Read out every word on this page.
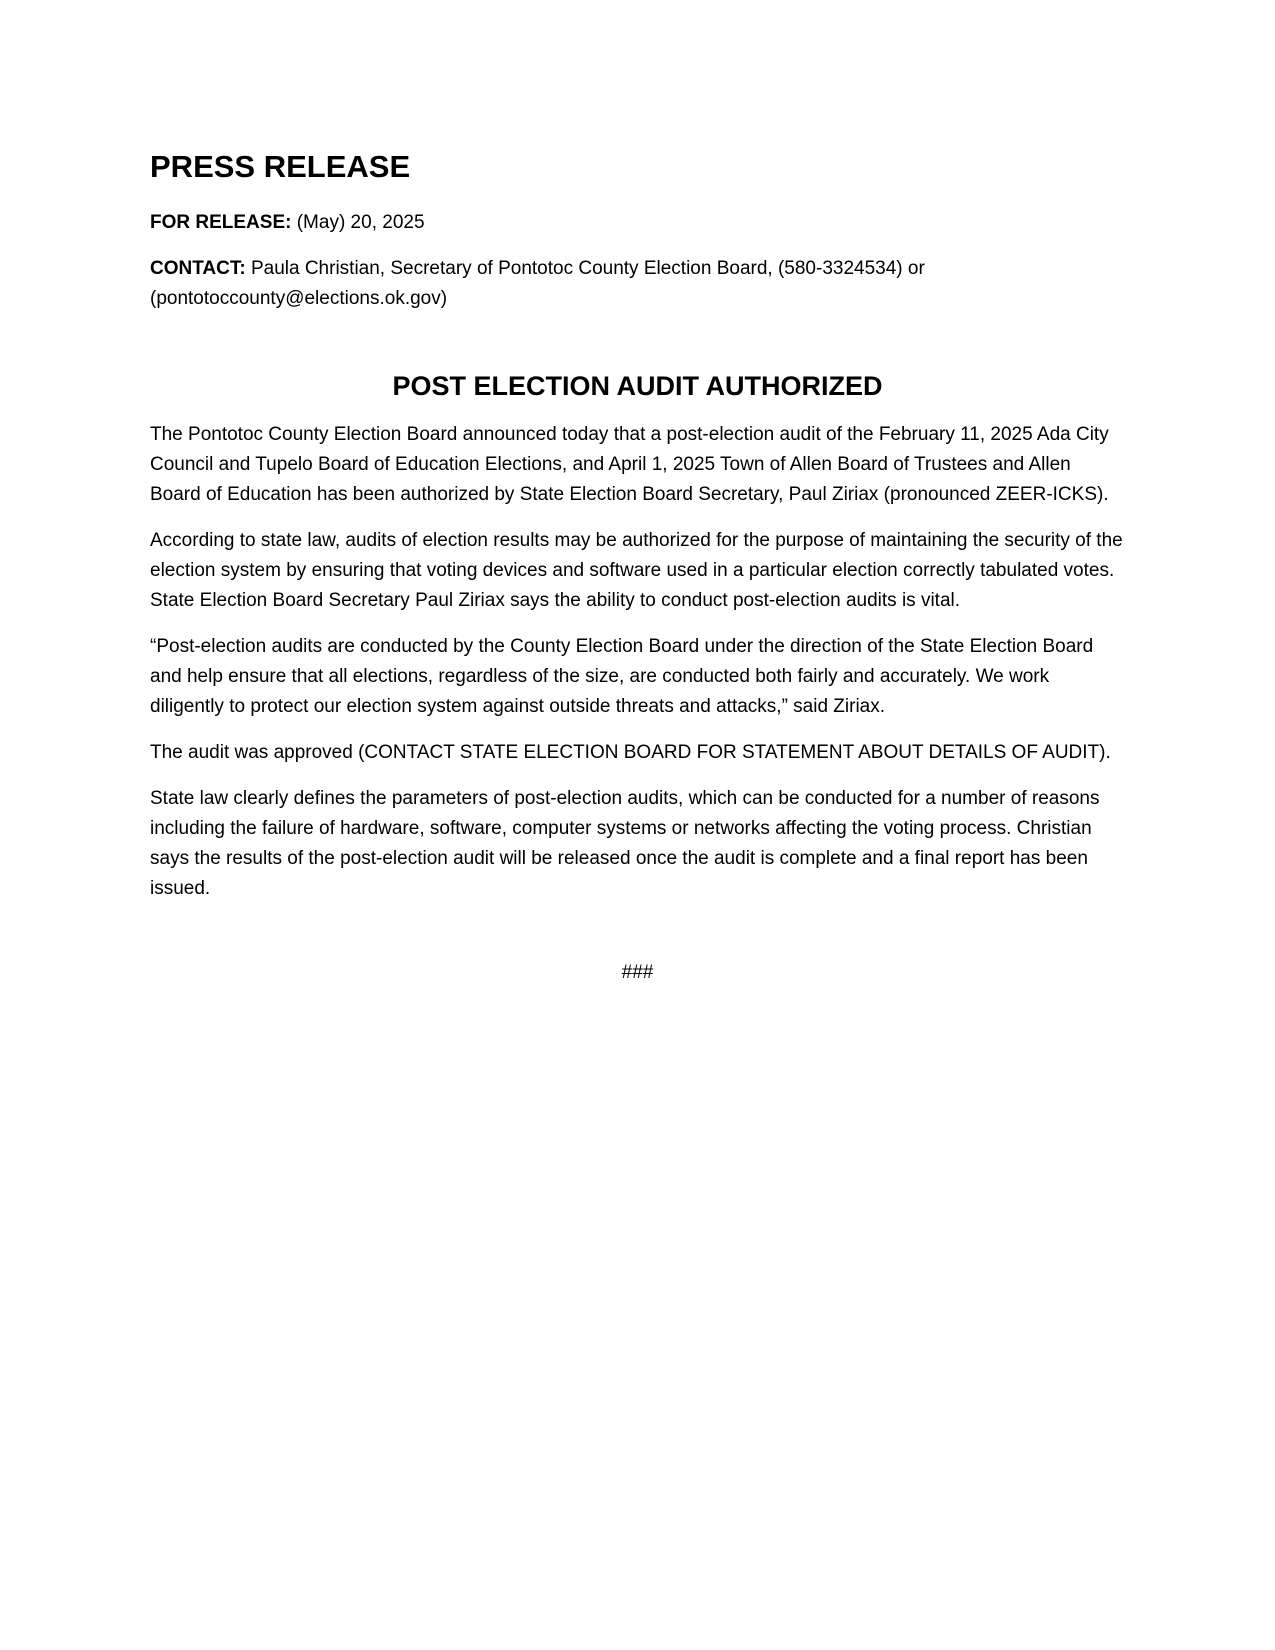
PRESS RELEASE

FOR RELEASE: (May) 20, 2025

CONTACT: Paula Christian, Secretary of Pontotoc County Election Board, (580-3324534) or (pontotoccounty@elections.ok.gov)

POST ELECTION AUDIT AUTHORIZED

The Pontotoc County Election Board announced today that a post-election audit of the February 11, 2025 Ada City Council and Tupelo Board of Education Elections, and April 1, 2025 Town of Allen Board of Trustees and Allen Board of Education has been authorized by State Election Board Secretary, Paul Ziriax (pronounced ZEER-ICKS).

According to state law, audits of election results may be authorized for the purpose of maintaining the security of the election system by ensuring that voting devices and software used in a particular election correctly tabulated votes. State Election Board Secretary Paul Ziriax says the ability to conduct post-election audits is vital.

“Post-election audits are conducted by the County Election Board under the direction of the State Election Board and help ensure that all elections, regardless of the size, are conducted both fairly and accurately. We work diligently to protect our election system against outside threats and attacks,” said Ziriax.

The audit was approved (CONTACT STATE ELECTION BOARD FOR STATEMENT ABOUT DETAILS OF AUDIT).

State law clearly defines the parameters of post-election audits, which can be conducted for a number of reasons including the failure of hardware, software, computer systems or networks affecting the voting process. Christian says the results of the post-election audit will be released once the audit is complete and a final report has been issued.

###
